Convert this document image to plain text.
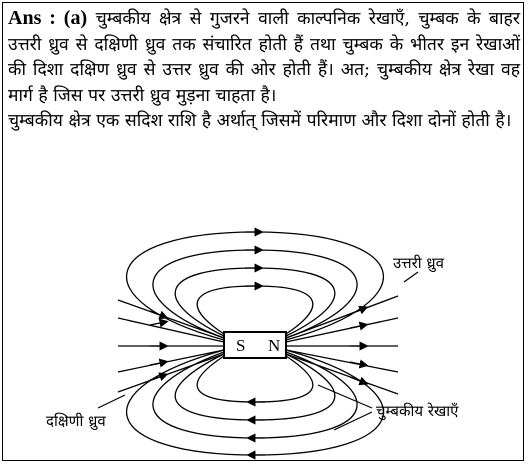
Ans : (a) चुम्बकीय क्षेत्र से गुजरने वाली काल्पनिक रेखाएँ, चुम्बक के बाहर उत्तरी ध्रुव से दक्षिणी ध्रुव तक संचारित होती हैं तथा चुम्बक के भीतर इन रेखाओं की दिशा दक्षिण ध्रुव से उत्तर ध्रुव की ओर होती हैं। अत; चुम्बकीय क्षेत्र रेखा वह मार्ग है जिस पर उत्तरी ध्रुव मुड़ना चाहता है।

चुम्बकीय क्षेत्र एक सदिश राशि है अर्थात् जिसमें परिमाण और दिशा दोनों होती है।

S N
उत्तरी ध्रुव
दक्षिणी ध्रुव
चुम्बकीय रेखाएँ
